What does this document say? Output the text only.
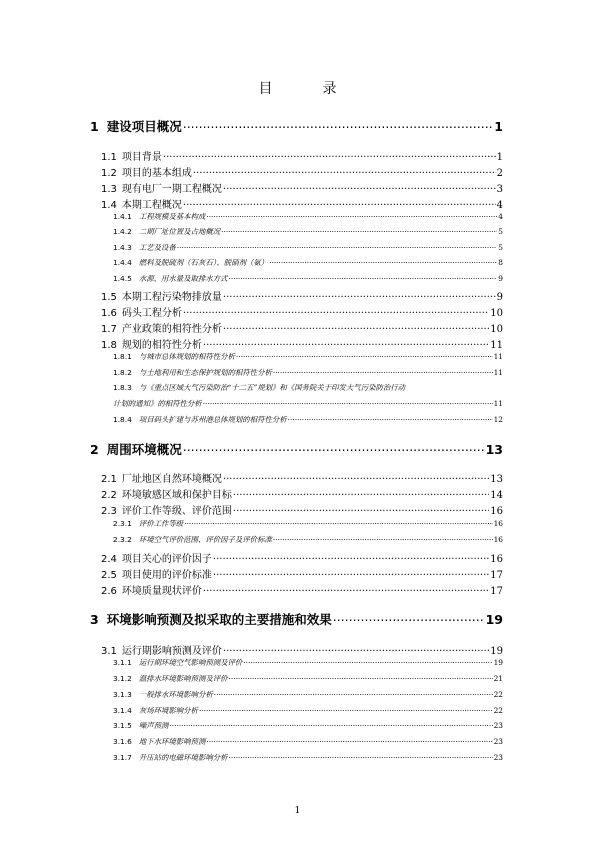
目　录
1 建设项目概况 .....	1
1.1 项目背景 .....	1
1.2 项目的基本组成 .....	2
1.3 现有电厂一期工程概况 .....	3
1.4 本期工程概况 .....	4
1.4.1 工程规模及基本构成 .....	4
1.4.2 二期厂址位置及占地概况 .....	5
1.4.3 工艺及设备 .....	5
1.4.4 燃料及脱硫剂（石灰石）、脱硝剂（氨） .....	8
1.4.5 水源、用水量及取排水方式 .....	9
1.5 本期工程污染物排放量 .....	9
1.6 码头工程分析 .....	10
1.7 产业政策的相符性分析 .....	10
1.8 规划的相符性分析 .....	11
1.8.1 与城市总体规划的相符性分析 .....	11
1.8.2 与土地利用和生态保护规划的相符性分析 .....	11
1.8.3 与《重点区域大气污染防治“十二五”规划》和《国务院关于印发大气污染防治行动
计划的通知》的相符性分析 .....	11
1.8.4 项目码头扩建与苏州港总体规划的相符性分析 .....	12
2 周围环境概况 .....	13
2.1 厂址地区自然环境概况 .....	13
2.2 环境敏感区域和保护目标 .....	14
2.3 评价工作等级、评价范围 .....	16
2.3.1 评价工作等级 .....	16
2.3.2 环境空气评价范围、评价因子及评价标准 .....	16
2.4 项目关心的评价因子 .....	16
2.5 项目使用的评价标准 .....	17
2.6 环境质量现状评价 .....	17
3 环境影响预测及拟采取的主要措施和效果 .....	19
3.1 运行期影响预测及评价 .....	19
3.1.1 运行期环境空气影响预测及评价 .....	19
3.1.2 温排水环境影响预测及评价 .....	21
3.1.3 一般排水环境影响分析 .....	22
3.1.4 灰场环境影响分析 .....	22
3.1.5 噪声预测 .....	23
3.1.6 地下水环境影响预测 .....	23
3.1.7 升压站的电磁环境影响分析 .....	23
1
